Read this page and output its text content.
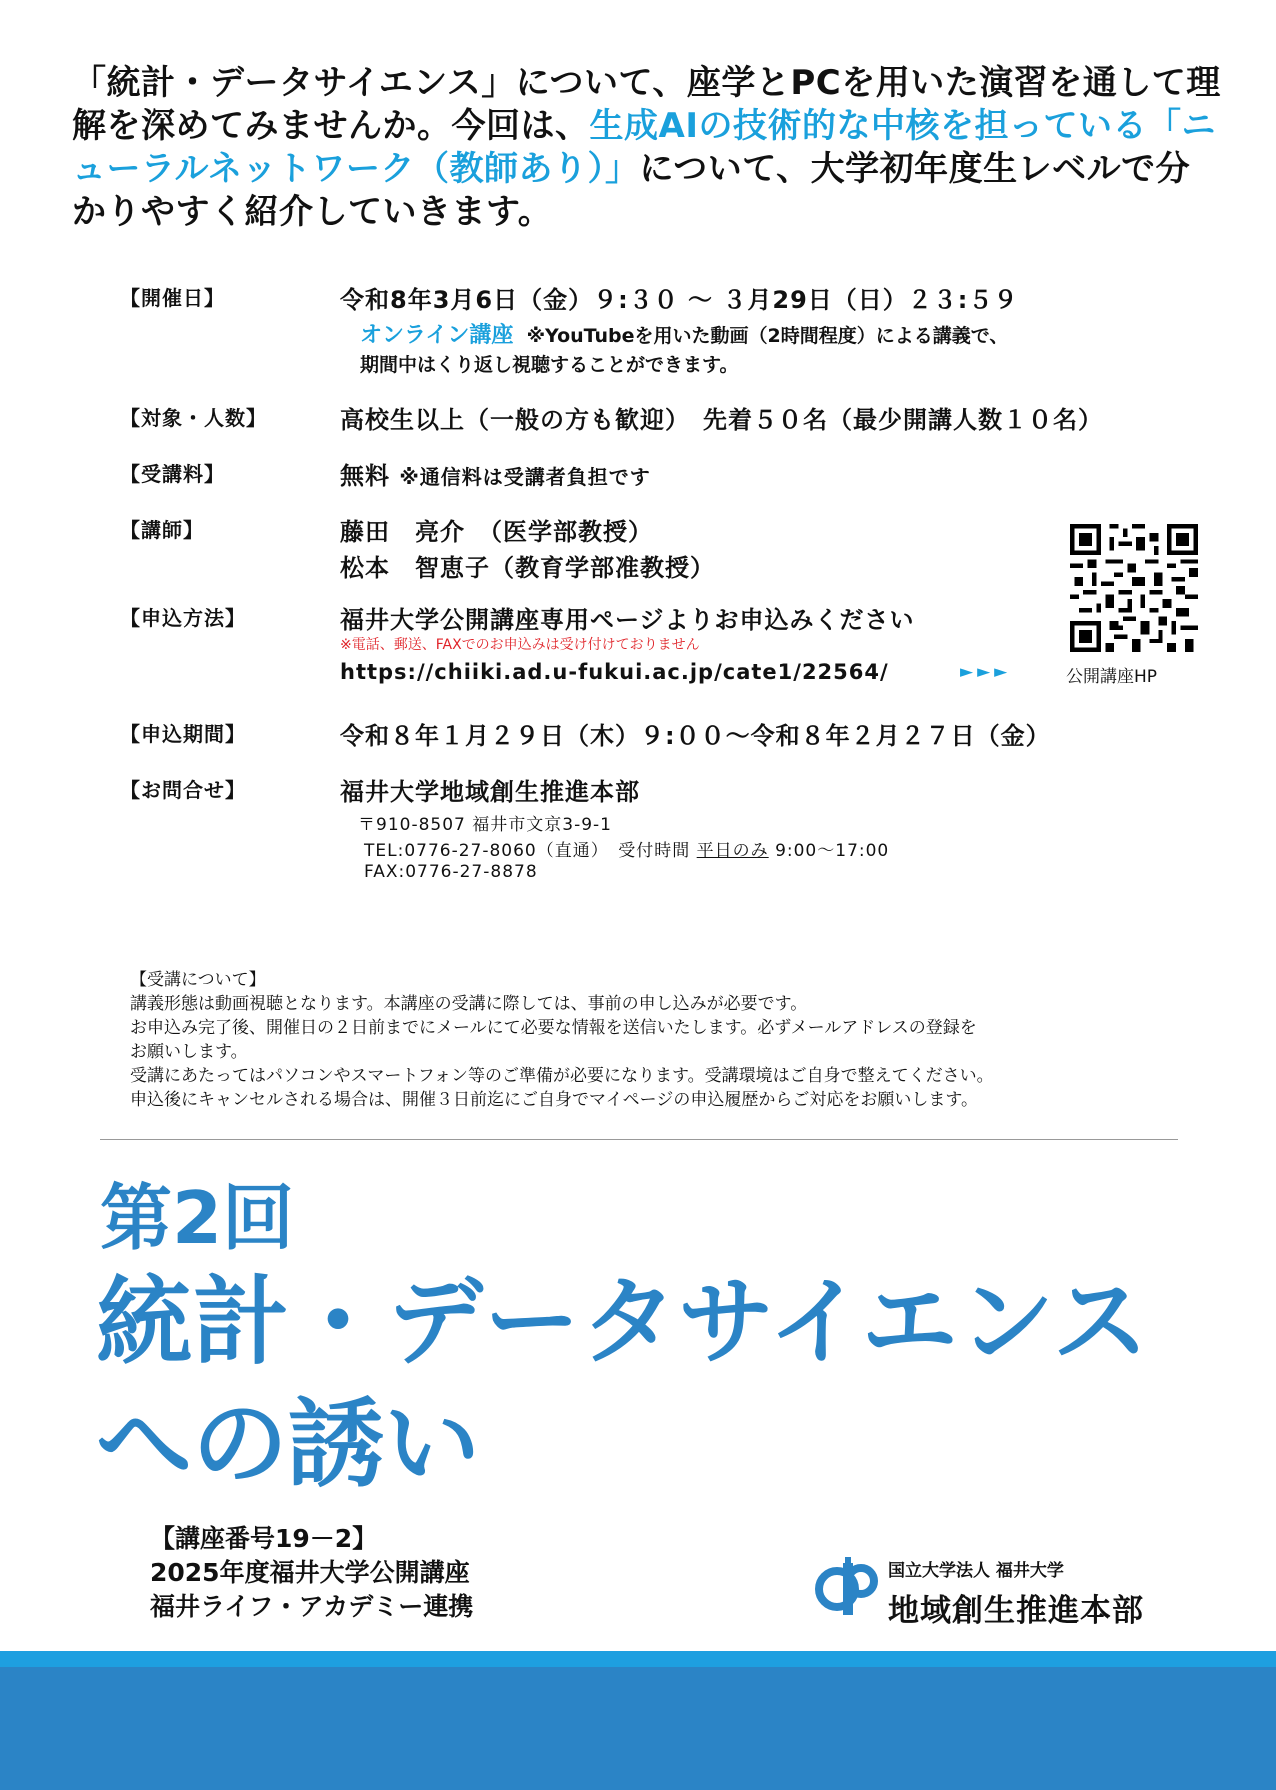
「統計・データサイエンス」について、座学とPCを用いた演習を通して理解を深めてみませんか。今回は、生成AIの技術的な中核を担っている「ニューラルネットワーク（教師あり）」について、大学初年度生レベルで分かりやすく紹介していきます。
【開催日】	令和8年3月6日（金）９:３０ ～ ３月29日（日）２３:５９
オンライン講座 ※YouTubeを用いた動画（2時間程度）による講義で、
期間中はくり返し視聴することができます。
【対象・人数】	高校生以上（一般の方も歓迎）　先着５０名（最少開講人数１０名）
【受講料】	無料 ※通信料は受講者負担です
【講師】	藤田　亮介　（医学部教授）
松本　智恵子（教育学部准教授）
【申込方法】	福井大学公開講座専用ページよりお申込みください
※電話、郵送、FAXでのお申込みは受け付けておりません
https://chiiki.ad.u-fukui.ac.jp/cate1/22564/	►►►
【申込期間】	令和８年１月２９日（木）９:００～令和８年２月２７日（金）
【お問合せ】	福井大学地域創生推進本部
〒910-8507 福井市文京3-9-1
TEL:0776-27-8060（直通）　受付時間 平日のみ 9:00～17:00
FAX:0776-27-8878
公開講座HP
【受講について】
講義形態は動画視聴となります。本講座の受講に際しては、事前の申し込みが必要です。
お申込み完了後、開催日の２日前までにメールにて必要な情報を送信いたします。必ずメールアドレスの登録を
お願いします。
受講にあたってはパソコンやスマートフォン等のご準備が必要になります。受講環境はご自身で整えてください。
申込後にキャンセルされる場合は、開催３日前迄にご自身でマイページの申込履歴からご対応をお願いします。
第2回
統計・データサイエンス
への誘い
【講座番号19－2】
2025年度福井大学公開講座
福井ライフ・アカデミー連携
国立大学法人 福井大学
地域創生推進本部
